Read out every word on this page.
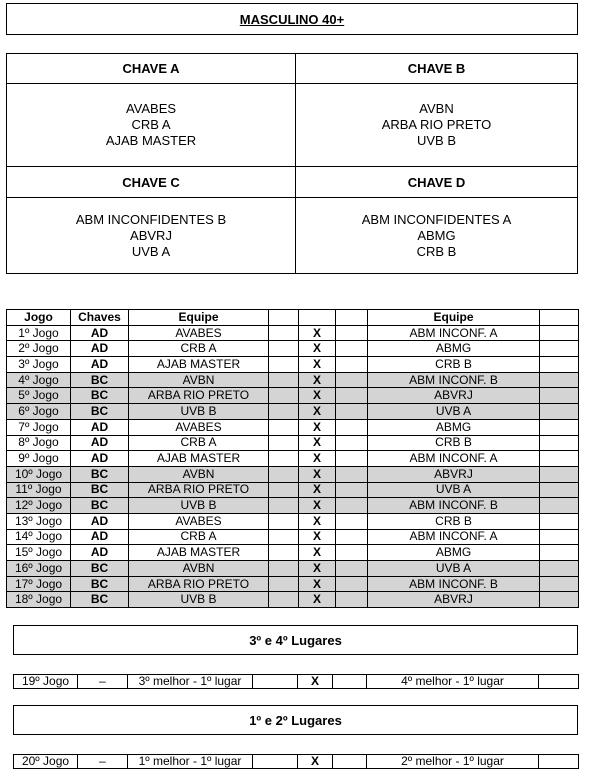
MASCULINO 40+
CHAVE A
AVABES
CRB A
AJAB MASTER
CHAVE B
AVBN
ARBA RIO PRETO
UVB B
CHAVE C
ABM INCONFIDENTES B
ABVRJ
UVB A
CHAVE D
ABM INCONFIDENTES A
ABMG
CRB B
Jogo	Chaves	Equipe				Equipe	
1º Jogo	AD	AVABES		X		ABM INCONF. A	
2º Jogo	AD	CRB A		X		ABMG	
3º Jogo	AD	AJAB MASTER		X		CRB B	
4º Jogo	BC	AVBN		X		ABM INCONF. B	
5º Jogo	BC	ARBA RIO PRETO		X		ABVRJ	
6º Jogo	BC	UVB B		X		UVB A	
7º Jogo	AD	AVABES		X		ABMG	
8º Jogo	AD	CRB A		X		CRB B	
9º Jogo	AD	AJAB MASTER		X		ABM INCONF. A	
10º Jogo	BC	AVBN		X		ABVRJ	
11º Jogo	BC	ARBA RIO PRETO		X		UVB A	
12º Jogo	BC	UVB B		X		ABM INCONF. B	
13º Jogo	AD	AVABES		X		CRB B	
14º Jogo	AD	CRB A		X		ABM INCONF. A	
15º Jogo	AD	AJAB MASTER		X		ABMG	
16º Jogo	BC	AVBN		X		UVB A	
17º Jogo	BC	ARBA RIO PRETO		X		ABM INCONF. B	
18º Jogo	BC	UVB B		X		ABVRJ	
3º e 4º Lugares
19º Jogo	–	3º melhor - 1º lugar		X		4º melhor - 1º lugar	
1º e 2º Lugares
20º Jogo	–	1º melhor - 1º lugar		X		2º melhor - 1º lugar	
